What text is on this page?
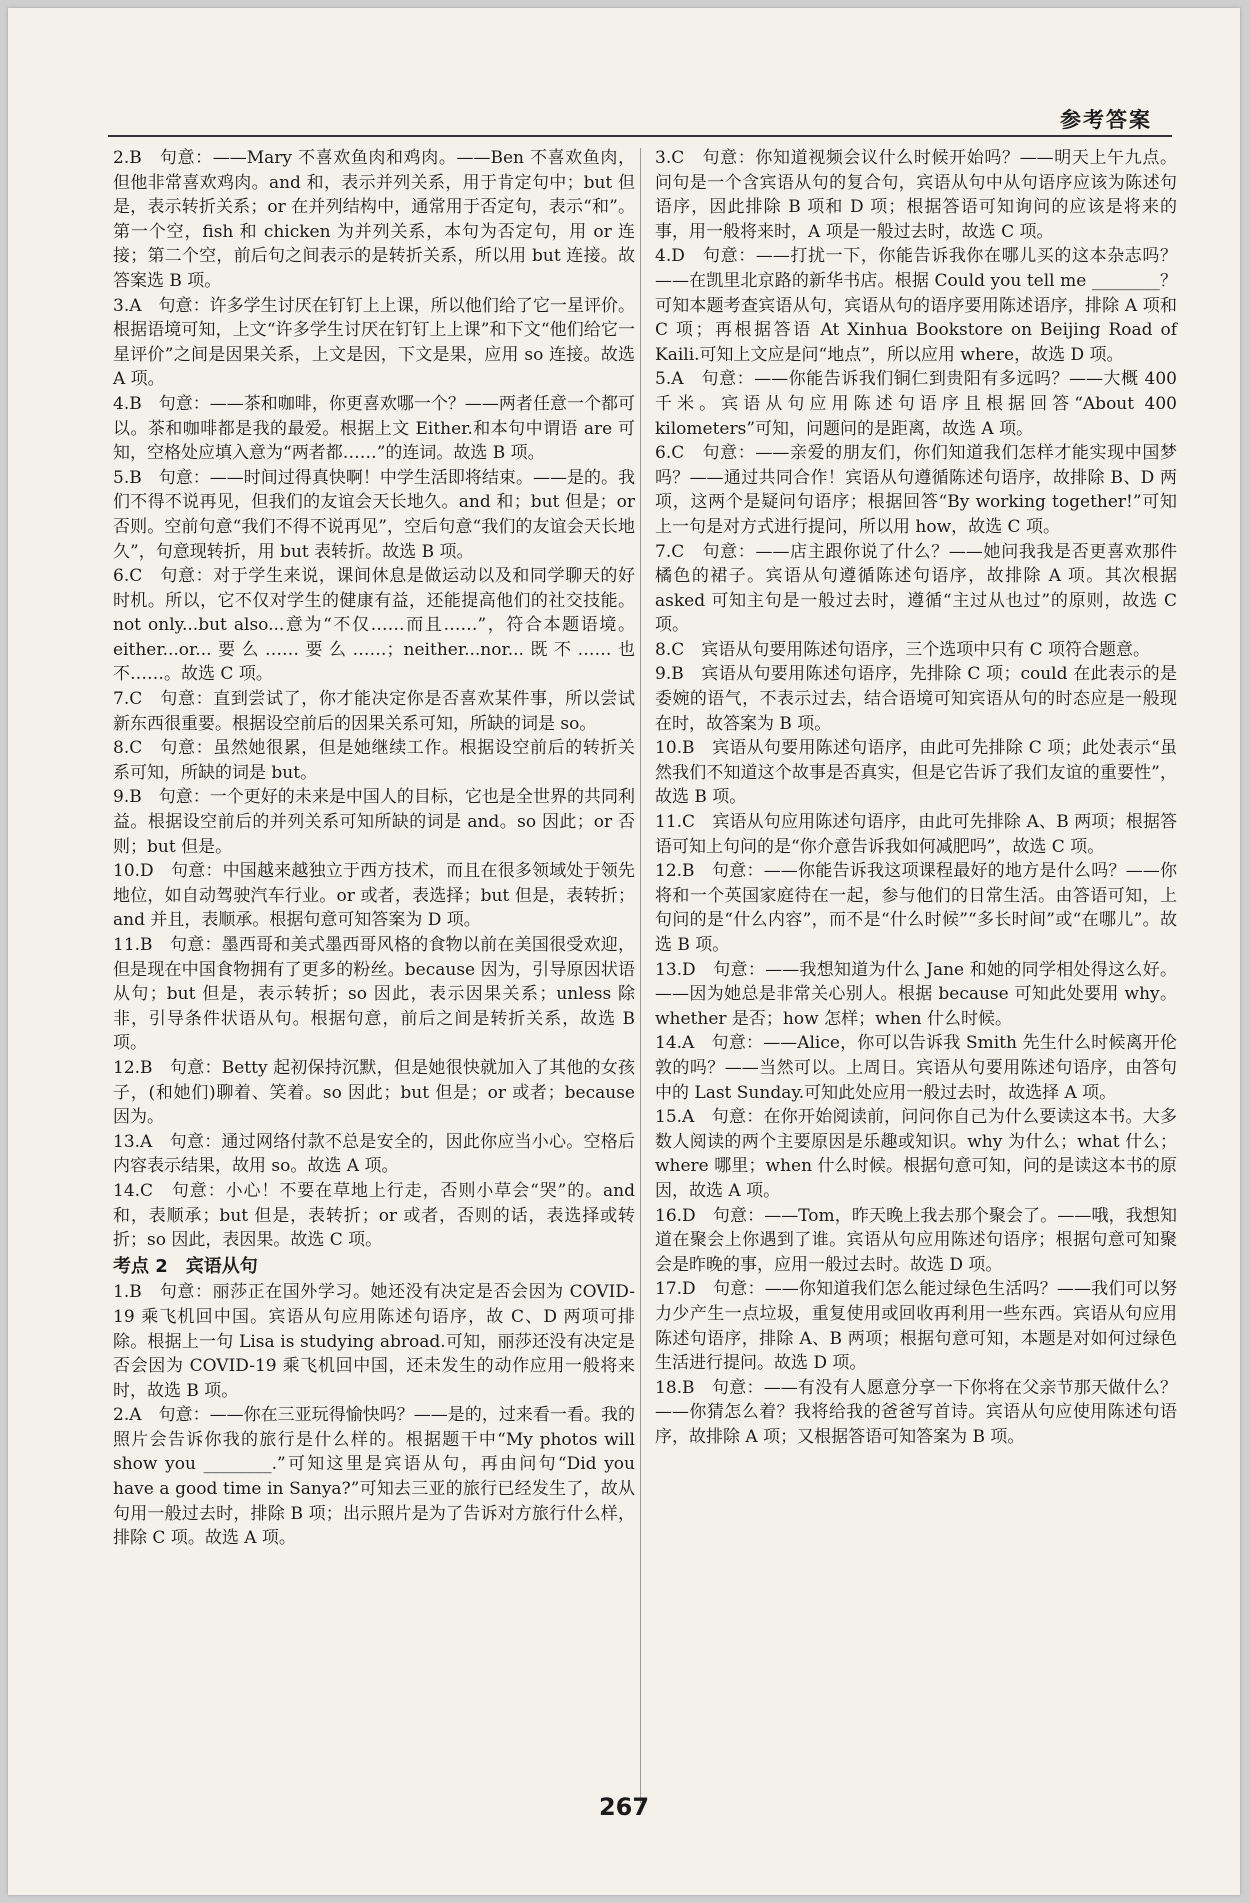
参考答案

2.B　句意：——Mary 不喜欢鱼肉和鸡肉。——Ben 不喜欢鱼肉，但他非常喜欢鸡肉。and 和，表示并列关系，用于肯定句中；but 但是，表示转折关系；or 在并列结构中，通常用于否定句，表示“和”。第一个空，fish 和 chicken 为并列关系，本句为否定句，用 or 连接；第二个空，前后句之间表示的是转折关系，所以用 but 连接。故答案选 B 项。

3.A　句意：许多学生讨厌在钉钉上上课，所以他们给了它一星评价。根据语境可知，上文“许多学生讨厌在钉钉上上课”和下文“他们给它一星评价”之间是因果关系，上文是因，下文是果，应用 so 连接。故选 A 项。

4.B　句意：——茶和咖啡，你更喜欢哪一个？——两者任意一个都可以。茶和咖啡都是我的最爱。根据上文 Either.和本句中谓语 are 可知，空格处应填入意为“两者都……”的连词。故选 B 项。

5.B　句意：——时间过得真快啊！中学生活即将结束。——是的。我们不得不说再见，但我们的友谊会天长地久。and 和；but 但是；or 否则。空前句意“我们不得不说再见”，空后句意“我们的友谊会天长地久”，句意现转折，用 but 表转折。故选 B 项。

6.C　句意：对于学生来说，课间休息是做运动以及和同学聊天的好时机。所以，它不仅对学生的健康有益，还能提高他们的社交技能。not only...but also...意为“不仅……而且……”，符合本题语境。either...or...要么……要么……；neither...nor...既不……也不……。故选 C 项。

7.C　句意：直到尝试了，你才能决定你是否喜欢某件事，所以尝试新东西很重要。根据设空前后的因果关系可知，所缺的词是 so。

8.C　句意：虽然她很累，但是她继续工作。根据设空前后的转折关系可知，所缺的词是 but。

9.B　句意：一个更好的未来是中国人的目标，它也是全世界的共同利益。根据设空前后的并列关系可知所缺的词是 and。so 因此；or 否则；but 但是。

10.D　句意：中国越来越独立于西方技术，而且在很多领域处于领先地位，如自动驾驶汽车行业。or 或者，表选择；but 但是，表转折；and 并且，表顺承。根据句意可知答案为 D 项。

11.B　句意：墨西哥和美式墨西哥风格的食物以前在美国很受欢迎，但是现在中国食物拥有了更多的粉丝。because 因为，引导原因状语从句；but 但是，表示转折；so 因此，表示因果关系；unless 除非，引导条件状语从句。根据句意，前后之间是转折关系，故选 B 项。

12.B　句意：Betty 起初保持沉默，但是她很快就加入了其他的女孩子，(和她们)聊着、笑着。so 因此；but 但是；or 或者；because 因为。

13.A　句意：通过网络付款不总是安全的，因此你应当小心。空格后内容表示结果，故用 so。故选 A 项。

14.C　句意：小心！不要在草地上行走，否则小草会“哭”的。and 和，表顺承；but 但是，表转折；or 或者，否则的话，表选择或转折；so 因此，表因果。故选 C 项。

考点 2　宾语从句

1.B　句意：丽莎正在国外学习。她还没有决定是否会因为 COVID-19 乘飞机回中国。宾语从句应用陈述句语序，故 C、D 两项可排除。根据上一句 Lisa is studying abroad.可知，丽莎还没有决定是否会因为 COVID-19 乘飞机回中国，还未发生的动作应用一般将来时，故选 B 项。

2.A　句意：——你在三亚玩得愉快吗？——是的，过来看一看。我的照片会告诉你我的旅行是什么样的。根据题干中“My photos will show you ________.”可知这里是宾语从句，再由问句“Did you have a good time in Sanya?”可知去三亚的旅行已经发生了，故从句用一般过去时，排除 B 项；出示照片是为了告诉对方旅行什么样，排除 C 项。故选 A 项。

3.C　句意：你知道视频会议什么时候开始吗？——明天上午九点。问句是一个含宾语从句的复合句，宾语从句中从句语序应该为陈述句语序，因此排除 B 项和 D 项；根据答语可知询问的应该是将来的事，用一般将来时，A 项是一般过去时，故选 C 项。

4.D　句意：——打扰一下，你能告诉我你在哪儿买的这本杂志吗？——在凯里北京路的新华书店。根据 Could you tell me ________？可知本题考查宾语从句，宾语从句的语序要用陈述语序，排除 A 项和 C 项；再根据答语 At Xinhua Bookstore on Beijing Road of Kaili.可知上文应是问“地点”，所以应用 where，故选 D 项。

5.A　句意：——你能告诉我们铜仁到贵阳有多远吗？——大概 400 千米。宾语从句应用陈述句语序且根据回答“About 400 kilometers”可知，问题问的是距离，故选 A 项。

6.C　句意：——亲爱的朋友们，你们知道我们怎样才能实现中国梦吗？——通过共同合作！宾语从句遵循陈述句语序，故排除 B、D 两项，这两个是疑问句语序；根据回答“By working together!”可知上一句是对方式进行提问，所以用 how，故选 C 项。

7.C　句意：——店主跟你说了什么？——她问我我是否更喜欢那件橘色的裙子。宾语从句遵循陈述句语序，故排除 A 项。其次根据 asked 可知主句是一般过去时，遵循“主过从也过”的原则，故选 C 项。

8.C　宾语从句要用陈述句语序，三个选项中只有 C 项符合题意。

9.B　宾语从句要用陈述句语序，先排除 C 项；could 在此表示的是委婉的语气，不表示过去，结合语境可知宾语从句的时态应是一般现在时，故答案为 B 项。

10.B　宾语从句要用陈述句语序，由此可先排除 C 项；此处表示“虽然我们不知道这个故事是否真实，但是它告诉了我们友谊的重要性”，故选 B 项。

11.C　宾语从句应用陈述句语序，由此可先排除 A、B 两项；根据答语可知上句问的是“你介意告诉我如何减肥吗”，故选 C 项。

12.B　句意：——你能告诉我这项课程最好的地方是什么吗？——你将和一个英国家庭待在一起，参与他们的日常生活。由答语可知，上句问的是“什么内容”，而不是“什么时候”“多长时间”或“在哪儿”。故选 B 项。

13.D　句意：——我想知道为什么 Jane 和她的同学相处得这么好。——因为她总是非常关心别人。根据 because 可知此处要用 why。whether 是否；how 怎样；when 什么时候。

14.A　句意：——Alice，你可以告诉我 Smith 先生什么时候离开伦敦的吗？——当然可以。上周日。宾语从句要用陈述句语序，由答句中的 Last Sunday.可知此处应用一般过去时，故选择 A 项。

15.A　句意：在你开始阅读前，问问你自己为什么要读这本书。大多数人阅读的两个主要原因是乐趣或知识。why 为什么；what 什么；where 哪里；when 什么时候。根据句意可知，问的是读这本书的原因，故选 A 项。

16.D　句意：——Tom，昨天晚上我去那个聚会了。——哦，我想知道在聚会上你遇到了谁。宾语从句应用陈述句语序；根据句意可知聚会是昨晚的事，应用一般过去时。故选 D 项。

17.D　句意：——你知道我们怎么能过绿色生活吗？——我们可以努力少产生一点垃圾，重复使用或回收再利用一些东西。宾语从句应用陈述句语序，排除 A、B 两项；根据句意可知，本题是对如何过绿色生活进行提问。故选 D 项。

18.B　句意：——有没有人愿意分享一下你将在父亲节那天做什么？——你猜怎么着？我将给我的爸爸写首诗。宾语从句应使用陈述句语序，故排除 A 项；又根据答语可知答案为 B 项。

267
